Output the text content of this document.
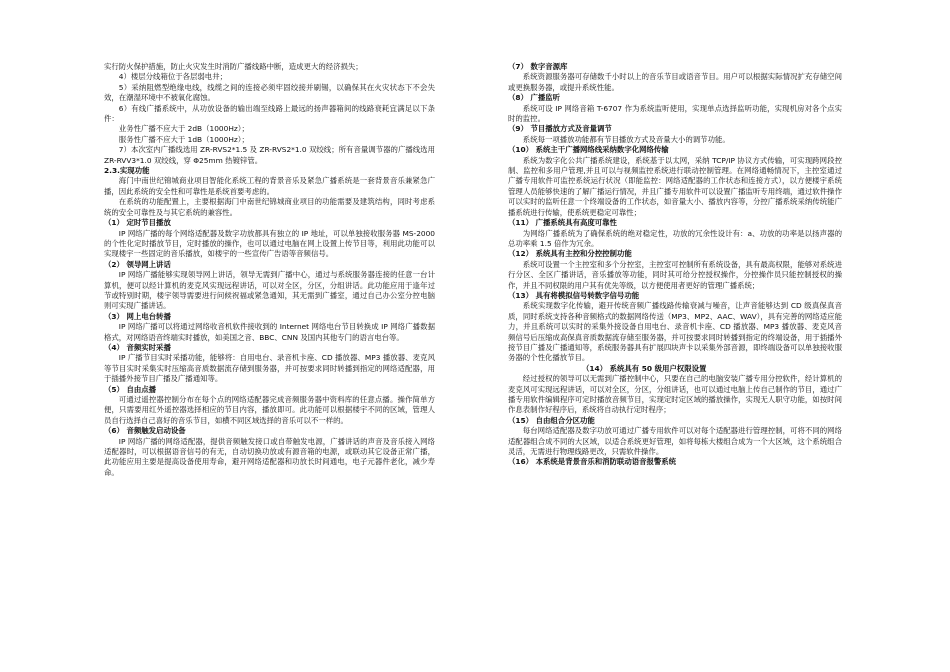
实行防火保护措施，防止火灾发生时消防广播线路中断，造成更大的经济损失；

4）楼层分线箱位于各层弱电井；

5）采纳阻燃型绝缘电线，线缆之间的连接必须牢固绞接并刷锡，以确保其在火灾状态下不会失效，在潮湿环境中不被氧化腐蚀。

6）有线广播系统中，从功放设备的输出端至线路上最远的扬声器箱间的线路衰耗宜满足以下条件：

业务性广播不应大于 2dB（1000Hz）；

服务性广播不应大于 1dB（1000Hz）；

7）本次室内广播线选用 ZR-RVS2*1.5 及 ZR-RVS2*1.0 双绞线；所有音量调节器的广播线选用 ZR-RVV3*1.0 双绞线，穿 Φ25mm 热镀锌管。

2.3.实现功能

海门中南世纪锦城商业项目智能化系统工程的背景音乐及紧急广播系统是一套背景音乐兼紧急广播，因此系统的安全性和可靠性是系统首要考虑的。

在系统的功能配置上，主要根据海门中南世纪锦城商业项目的功能需要及建筑结构，同时考虑系统的安全可靠性及与其它系统的兼容性。

（1） 定时节目播放

IP 网络广播的每个网络适配器及数字功放都具有独立的 IP 地址，可以单独接收服务器 MS-2000 的个性化定时播放节目，定时播放的操作，也可以通过电脑在网上设置上传节目等，利用此功能可以实现楼宇一些固定的音乐播放，如楼宇的一些宣传广告语等音频信号。

（2） 领导网上讲话

IP 网络广播能够实现领导网上讲话，领导无需到广播中心，通过与系统服务器连接的任意一台计算机，便可以经计算机的麦克风实现远程讲话，可以对全区，分区，分组讲话。此功能应用于逢年过节或特别时期，楼宇领导需要进行问候祝福或紧急通知，其无需到广播室，通过自己办公室分控电脑则可实现广播讲话。

（3） 网上电台转播

IP 网络广播可以将通过网络收音机软件接收到的 Internet 网络电台节目转换成 IP 网络广播数据格式，对网络语音终端实时播放，如美国之音、BBC、CNN 及国内其他专门的语言电台等。

（4） 音频实时采播

IP 广播节目实时采播功能，能够将：自用电台、录音机卡座、CD 播放器、MP3 播放器、麦克风等节目实时采集实时压缩高音质数据流存储到服务器，并可按要求同时转播到指定的网络适配器，用于插播外接节目广播及广播通知等。

（5） 自由点播

可通过遥控器控制分布在每个点的网络适配器完成音频服务器中资料库的任意点播。操作简单方便，只需要用红外遥控器选择相应的节目内容，播放即可。此功能可以根据楼宇不同的区域，管理人员自行选择自己喜好的音乐节目，如横不同区域选择的音乐可以不一样的。

（6） 音频触发启动设备

IP 网络广播的网络适配器，提供音频触发接口或自带触发电源，广播讲话的声音及音乐接入网络适配器时，可以根据语音信号的有无，自动切换功放或有源音箱的电源，或联动其它设备正常广播，此功能应用主要是提高设备使用寿命，避开网络适配器和功放长时间通电，电子元器件老化，减少寿命。

（7） 数字音源库

系统资源服务器可存储数千小时以上的音乐节目或语音节目。用户可以根据实际情况扩充存储空间或更换服务器，或提升系统性能。

（8） 广播监听

系统可设 IP 网络音箱 T-6707 作为系统监听使用，实现单点选择监听功能，实现机房对各个点实时的监控。

（9） 节目播放方式及音量调节

系统每一项播放功能都有节目播放方式及音量大小的调节功能。

（10） 系统主干广播网络线采纳数字化网络传输

系统为数字化公共广播系统建设，系统基于以太网，采纳 TCP/IP 协议方式传输，可实现跨网段控制、监控和多用户管理,并且可以与视频监控系统进行联动控制管理。在网络通畅情况下，主控室通过广播专用软件可监控系统运行状况（即能监控：网络适配器的工作状态和连接方式），以方便楼宇系统管理人员能够快速的了解广播运行情况，并且广播专用软件可以设置广播监听专用终端，通过软件操作可以实时的监听任意一个终端设备的工作状态，如音量大小、播放内容等，分控广播系统采纳传统能广播系统进行传输，使系统更稳定可靠性；

（11） 广播系统具有高度可靠性

为网络广播系统为了确保系统的绝对稳定性，功放的冗余性设计有：a、功放的功率是以扬声器的总功率乘 1.5 倍作为冗余。

（12） 系统具有主控和分控控制功能

系统可设置一个主控室和多个分控室，主控室可控制所有系统设备，具有最高权限，能够对系统进行分区、全区广播讲话，音乐播放等功能，同时其可给分控授权操作，分控操作员只能控制授权的操作，并且不同权限的用户其有优先等级，以方便使用者更好的管理广播系统；

（13） 具有将模拟信号转数字信号功能

系统实现数字化传输，避开传统音频广播线路传输衰减与噪音，让声音能够达到 CD 级真保真音质，同时系统支持各种音频格式的数据网络传送（MP3、MP2、AAC、WAV），具有完善的网络适应能力，并且系统可以实时的采集外接设备自用电台、录音机卡座、CD 播放器、MP3 播放器、麦克风音频信号后压缩成高保真音质数据流存储至服务器，并可按要求同时转播到指定的终端设备，用于插播外接节目广播及广播通知等，系统服务器具有扩展四块声卡以采集外部音源，即终端设备可以单独接收服务器的个性化播放节目。

（14） 系统具有 50 级用户权限设置

经过授权的领导可以无需到广播控制中心，只要在自己的电脑安装广播专用分控软件，经计算机的麦克风可实现远程讲话，可以对全区，分区，分组讲话，也可以通过电脑上传自己制作的节目，通过广播专用软件编辑程序可定时播放音频节目，实现定时定区域的播放操作，实现无人职守功能，如按时间作息表制作好程序后，系统将自动执行定时程序；

（15） 自由组合分区功能

每台网络适配器及数字功放可通过广播专用软件可以对每个适配器进行管理控制，可将不同的网络适配器组合成不同的大区域，以适合系统更好管理，如将每栋大楼组合成为一个大区域，这个系统组合灵活，无需进行物理线路更改，只需软件操作。

（16） 本系统是背景音乐和消防联动语音报警系统
